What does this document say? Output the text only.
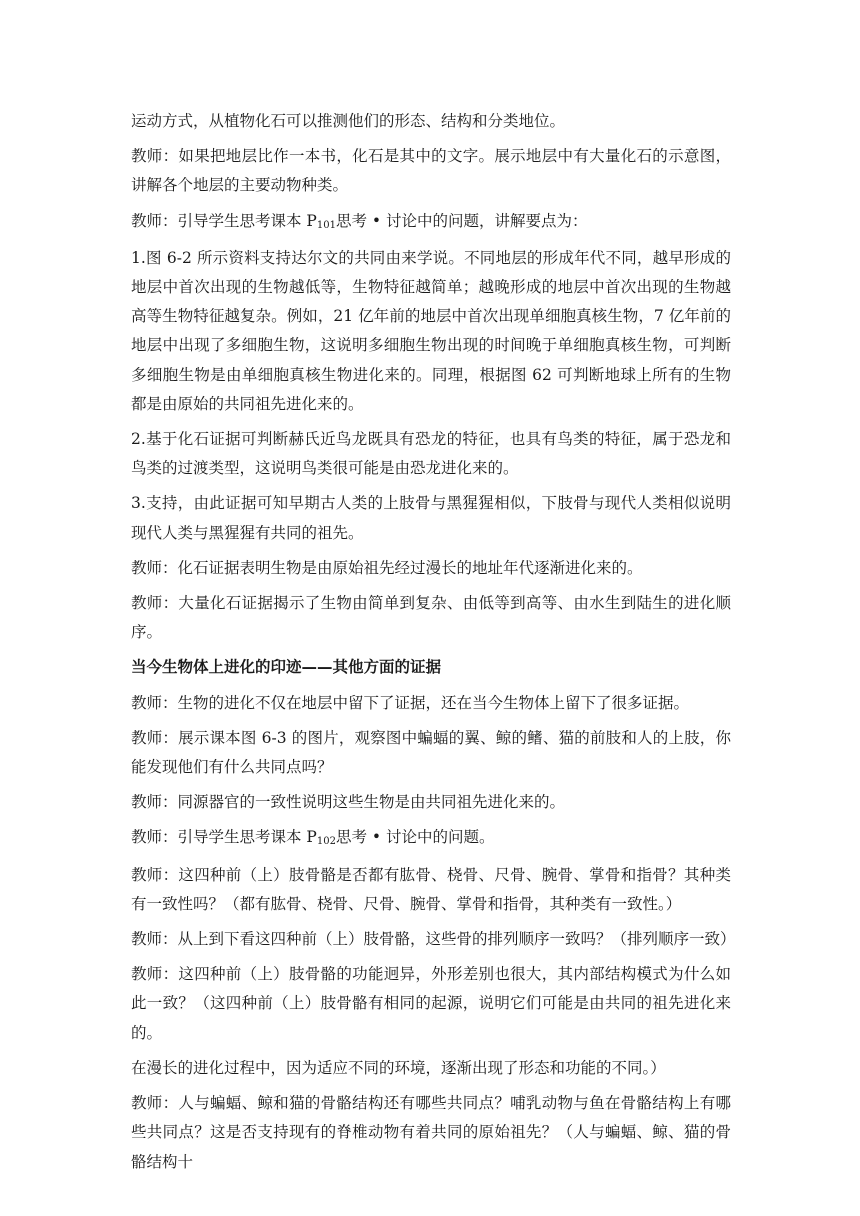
运动方式，从植物化石可以推测他们的形态、结构和分类地位。

教师：如果把地层比作一本书，化石是其中的文字。展示地层中有大量化石的示意图，讲解各个地层的主要动物种类。

教师：引导学生思考课本 P101思考 • 讨论中的问题，讲解要点为：

1.图 6-2 所示资料支持达尔文的共同由来学说。不同地层的形成年代不同，越早形成的地层中首次出现的生物越低等，生物特征越简单；越晚形成的地层中首次出现的生物越高等生物特征越复杂。例如，21 亿年前的地层中首次出现单细胞真核生物，7 亿年前的地层中出现了多细胞生物，这说明多细胞生物出现的时间晚于单细胞真核生物，可判断多细胞生物是由单细胞真核生物进化来的。同理，根据图 62 可判断地球上所有的生物都是由原始的共同祖先进化来的。

2.基于化石证据可判断赫氏近鸟龙既具有恐龙的特征，也具有鸟类的特征，属于恐龙和鸟类的过渡类型，这说明鸟类很可能是由恐龙进化来的。

3.支持，由此证据可知早期古人类的上肢骨与黑猩猩相似，下肢骨与现代人类相似说明现代人类与黑猩猩有共同的祖先。

教师：化石证据表明生物是由原始祖先经过漫长的地址年代逐渐进化来的。

教师：大量化石证据揭示了生物由简单到复杂、由低等到高等、由水生到陆生的进化顺序。

当今生物体上进化的印迹——其他方面的证据

教师：生物的进化不仅在地层中留下了证据，还在当今生物体上留下了很多证据。

教师：展示课本图 6-3 的图片，观察图中蝙蝠的翼、鲸的鳍、猫的前肢和人的上肢，你能发现他们有什么共同点吗？

教师：同源器官的一致性说明这些生物是由共同祖先进化来的。

教师：引导学生思考课本 P102思考 • 讨论中的问题。

教师：这四种前（上）肢骨骼是否都有肱骨、桡骨、尺骨、腕骨、掌骨和指骨？其种类有一致性吗？（都有肱骨、桡骨、尺骨、腕骨、掌骨和指骨，其种类有一致性。）

教师：从上到下看这四种前（上）肢骨骼，这些骨的排列顺序一致吗？（排列顺序一致）

教师：这四种前（上）肢骨骼的功能迥异，外形差别也很大，其内部结构模式为什么如此一致？（这四种前（上）肢骨骼有相同的起源，说明它们可能是由共同的祖先进化来的。

在漫长的进化过程中，因为适应不同的环境，逐渐出现了形态和功能的不同。）

教师：人与蝙蝠、鲸和猫的骨骼结构还有哪些共同点？哺乳动物与鱼在骨骼结构上有哪些共同点？这是否支持现有的脊椎动物有着共同的原始祖先？（人与蝙蝠、鲸、猫的骨骼结构十
